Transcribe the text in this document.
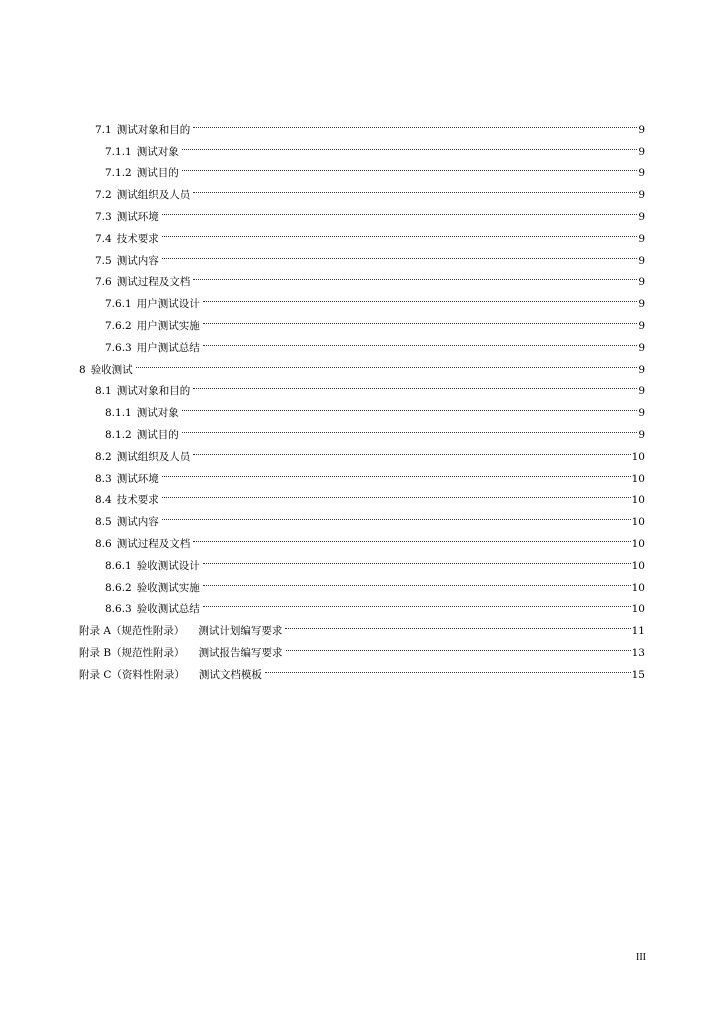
7.1 测试对象和目的	9
7.1.1 测试对象	9
7.1.2 测试目的	9
7.2 测试组织及人员	9
7.3 测试环境	9
7.4 技术要求	9
7.5 测试内容	9
7.6 测试过程及文档	9
7.6.1 用户测试设计	9
7.6.2 用户测试实施	9
7.6.3 用户测试总结	9
8 验收测试	9
8.1 测试对象和目的	9
8.1.1 测试对象	9
8.1.2 测试目的	9
8.2 测试组织及人员	10
8.3 测试环境	10
8.4 技术要求	10
8.5 测试内容	10
8.6 测试过程及文档	10
8.6.1 验收测试设计	10
8.6.2 验收测试实施	10
8.6.3 验收测试总结	10
附录 A（规范性附录） 测试计划编写要求	11
附录 B（规范性附录） 测试报告编写要求	13
附录 C（资料性附录） 测试文档模板	15
III
